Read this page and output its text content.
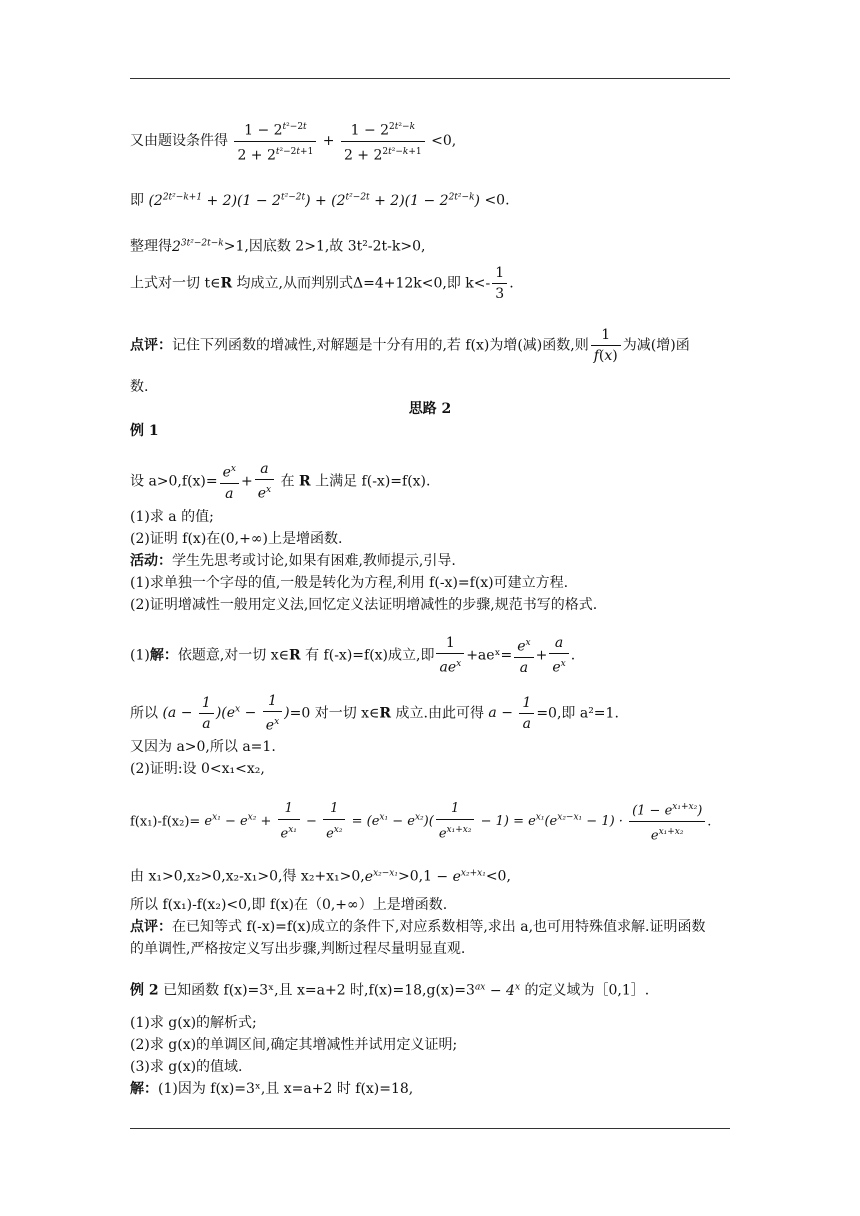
又由题设条件得 $\frac{1 - 2^{t^2-2t}}{2 + 2^{t^2-2t+1}} + \frac{1 - 2^{2t^2-k}}{2 + 2^{2t^2-k+1}} <0$,
即 $(2^{2t^2-k+1} + 2)(1 - 2^{t^2-2t}) + (2^{t^2-2t} + 2)(1 - 2^{2t^2-k}) <0$.
整理得$2^{3t^2-2t-k}>1$,因底数 2>1,故 3t²-2t-k>0,
上式对一切 t∈R 均成立,从而判别式Δ=4+12k<0,即 $k<- \frac{1}{3}$ .
点评：记住下列函数的增减性,对解题是十分有用的,若 f(x)为增(减)函数,则 $\frac{1}{f(x)}$ 为减(增)函
数.
思路 2
例 1
设 $a>0,f(x)= \frac{e^x}{a} + \frac{a}{e^x}$ 在 R 上满足 f(-x)=f(x).
(1)求 a 的值;
(2)证明 f(x)在(0,+∞)上是增函数.
活动：学生先思考或讨论,如果有困难,教师提示,引导.
(1)求单独一个字母的值,一般是转化为方程,利用 f(-x)=f(x)可建立方程.
(2)证明增减性一般用定义法,回忆定义法证明增减性的步骤,规范书写的格式.
(1)解：依题意,对一切 x∈R 有 f(-x)=f(x)成立,即 $\frac{1}{ae^x}$ +aeˣ= $\frac{e^x}{a} + \frac{a}{e^x}$ .
所以 $(a - \frac{1}{a} )(e^x - \frac{1}{e^x} )=0$ 对一切 x∈R 成立.由此可得 $a - \frac{1}{a} =0$,即 a²=1.
又因为 a>0,所以 a=1.
(2)证明:设 0<x₁<x₂,
$f(x_1)-f(x_2)= e^{x_1} - e^{x_2} + \frac{1}{e^{x_1}} - \frac{1}{e^{x_2}} = (e^{x_1} - e^{x_2})( \frac{1}{e^{x_1+x_2}} - 1) = e^{x_1}(e^{x_2-x_1} - 1) \cdot \frac{(1 - e^{x_1+x_2})}{e^{x_1+x_2}}$ .
由 x₁>0,x₂>0,x₂-x₁>0,得 $x_2+x_1>0,e^{x_2-x_1}>0,1 - e^{x_2+x_1}<0$,
所以 f(x₁)-f(x₂)<0,即 f(x)在（0,+∞）上是增函数.
点评：在已知等式 f(-x)=f(x)成立的条件下,对应系数相等,求出 a,也可用特殊值求解.证明函数
的单调性,严格按定义写出步骤,判断过程尽量明显直观.
例 2 已知函数 f(x)=3ˣ,且 x=a+2 时$,f(x)=18,g(x)=3^{ax} - 4^x$ 的定义域为［0,1］.
(1)求 g(x)的解析式;
(2)求 g(x)的单调区间,确定其增减性并试用定义证明;
(3)求 g(x)的值域.
解：(1)因为 f(x)=3ˣ,且 x=a+2 时 f(x)=18,
